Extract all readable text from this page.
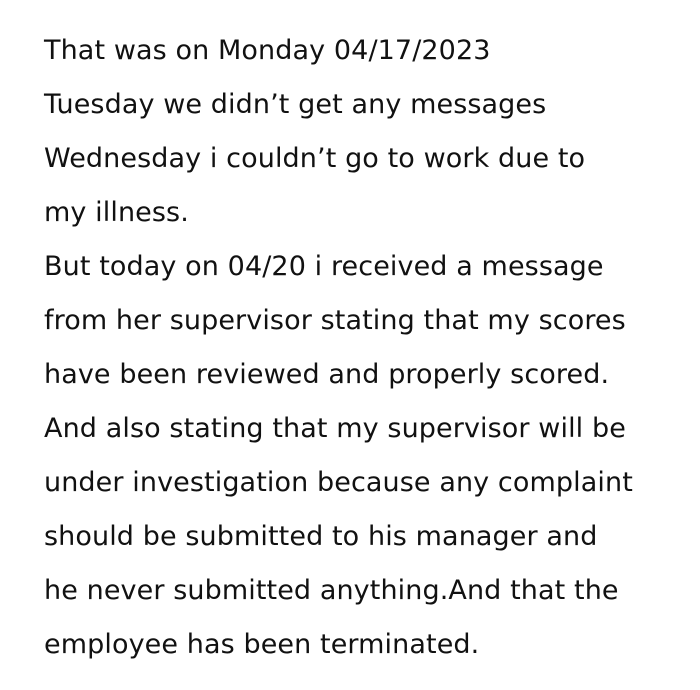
That was on Monday 04/17/2023
Tuesday we didn’t get any messages
Wednesday i couldn’t go to work due to
my illness.
But today on 04/20 i received a message
from her supervisor stating that my scores
have been reviewed and properly scored.
And also stating that my supervisor will be
under investigation because any complaint
should be submitted to his manager and
he never submitted anything.And that the
employee has been terminated.
